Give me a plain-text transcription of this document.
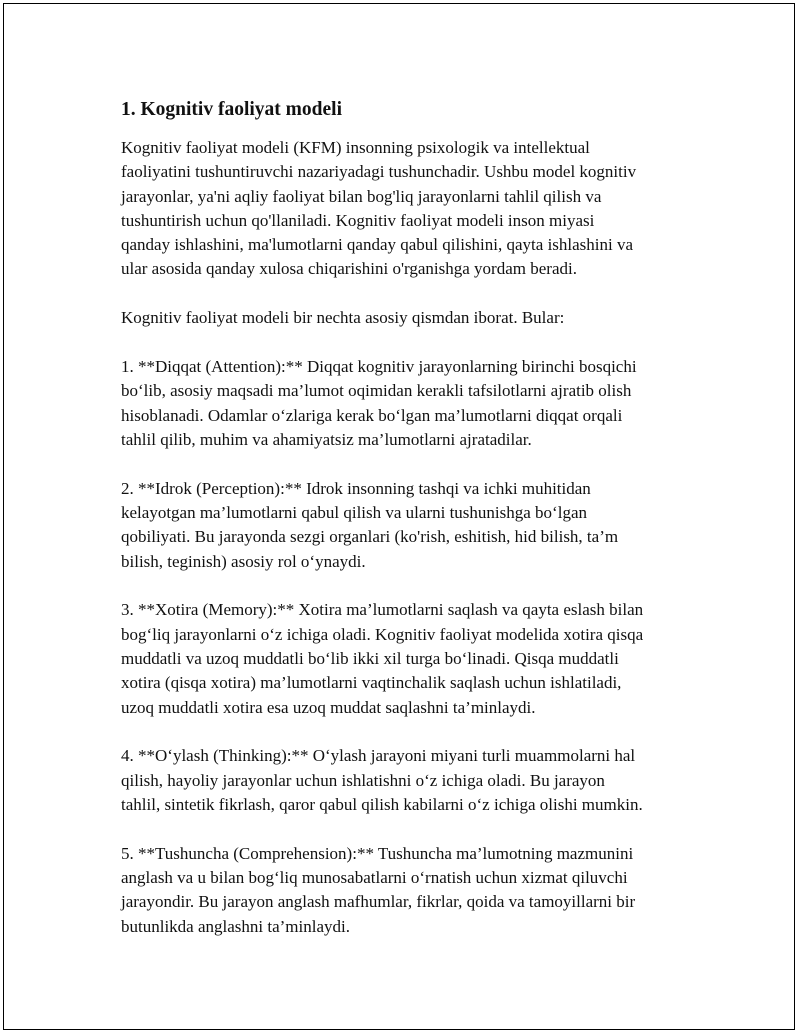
1. Kognitiv faoliyat modeli

Kognitiv faoliyat modeli (KFM) insonning psixologik va intellektual
faoliyatini tushuntiruvchi nazariyadagi tushunchadir. Ushbu model kognitiv
jarayonlar, ya'ni aqliy faoliyat bilan bog'liq jarayonlarni tahlil qilish va
tushuntirish uchun qo'llaniladi. Kognitiv faoliyat modeli inson miyasi
qanday ishlashini, ma'lumotlarni qanday qabul qilishini, qayta ishlashini va
ular asosida qanday xulosa chiqarishini o'rganishga yordam beradi.

Kognitiv faoliyat modeli bir nechta asosiy qismdan iborat. Bular:

1. **Diqqat (Attention):** Diqqat kognitiv jarayonlarning birinchi bosqichi
bo‘lib, asosiy maqsadi ma’lumot oqimidan kerakli tafsilotlarni ajratib olish
hisoblanadi. Odamlar o‘zlariga kerak bo‘lgan ma’lumotlarni diqqat orqali
tahlil qilib, muhim va ahamiyatsiz ma’lumotlarni ajratadilar.

2. **Idrok (Perception):** Idrok insonning tashqi va ichki muhitidan
kelayotgan ma’lumotlarni qabul qilish va ularni tushunishga bo‘lgan
qobiliyati. Bu jarayonda sezgi organlari (ko'rish, eshitish, hid bilish, ta’m
bilish, teginish) asosiy rol o‘ynaydi.

3. **Xotira (Memory):** Xotira ma’lumotlarni saqlash va qayta eslash bilan
bog‘liq jarayonlarni o‘z ichiga oladi. Kognitiv faoliyat modelida xotira qisqa
muddatli va uzoq muddatli bo‘lib ikki xil turga bo‘linadi. Qisqa muddatli
xotira (qisqa xotira) ma’lumotlarni vaqtinchalik saqlash uchun ishlatiladi,
uzoq muddatli xotira esa uzoq muddat saqlashni ta’minlaydi.

4. **O‘ylash (Thinking):** O‘ylash jarayoni miyani turli muammolarni hal
qilish, hayoliy jarayonlar uchun ishlatishni o‘z ichiga oladi. Bu jarayon
tahlil, sintetik fikrlash, qaror qabul qilish kabilarni o‘z ichiga olishi mumkin.

5. **Tushuncha (Comprehension):** Tushuncha ma’lumotning mazmunini
anglash va u bilan bog‘liq munosabatlarni o‘rnatish uchun xizmat qiluvchi
jarayondir. Bu jarayon anglash mafhumlar, fikrlar, qoida va tamoyillarni bir
butunlikda anglashni ta’minlaydi.
